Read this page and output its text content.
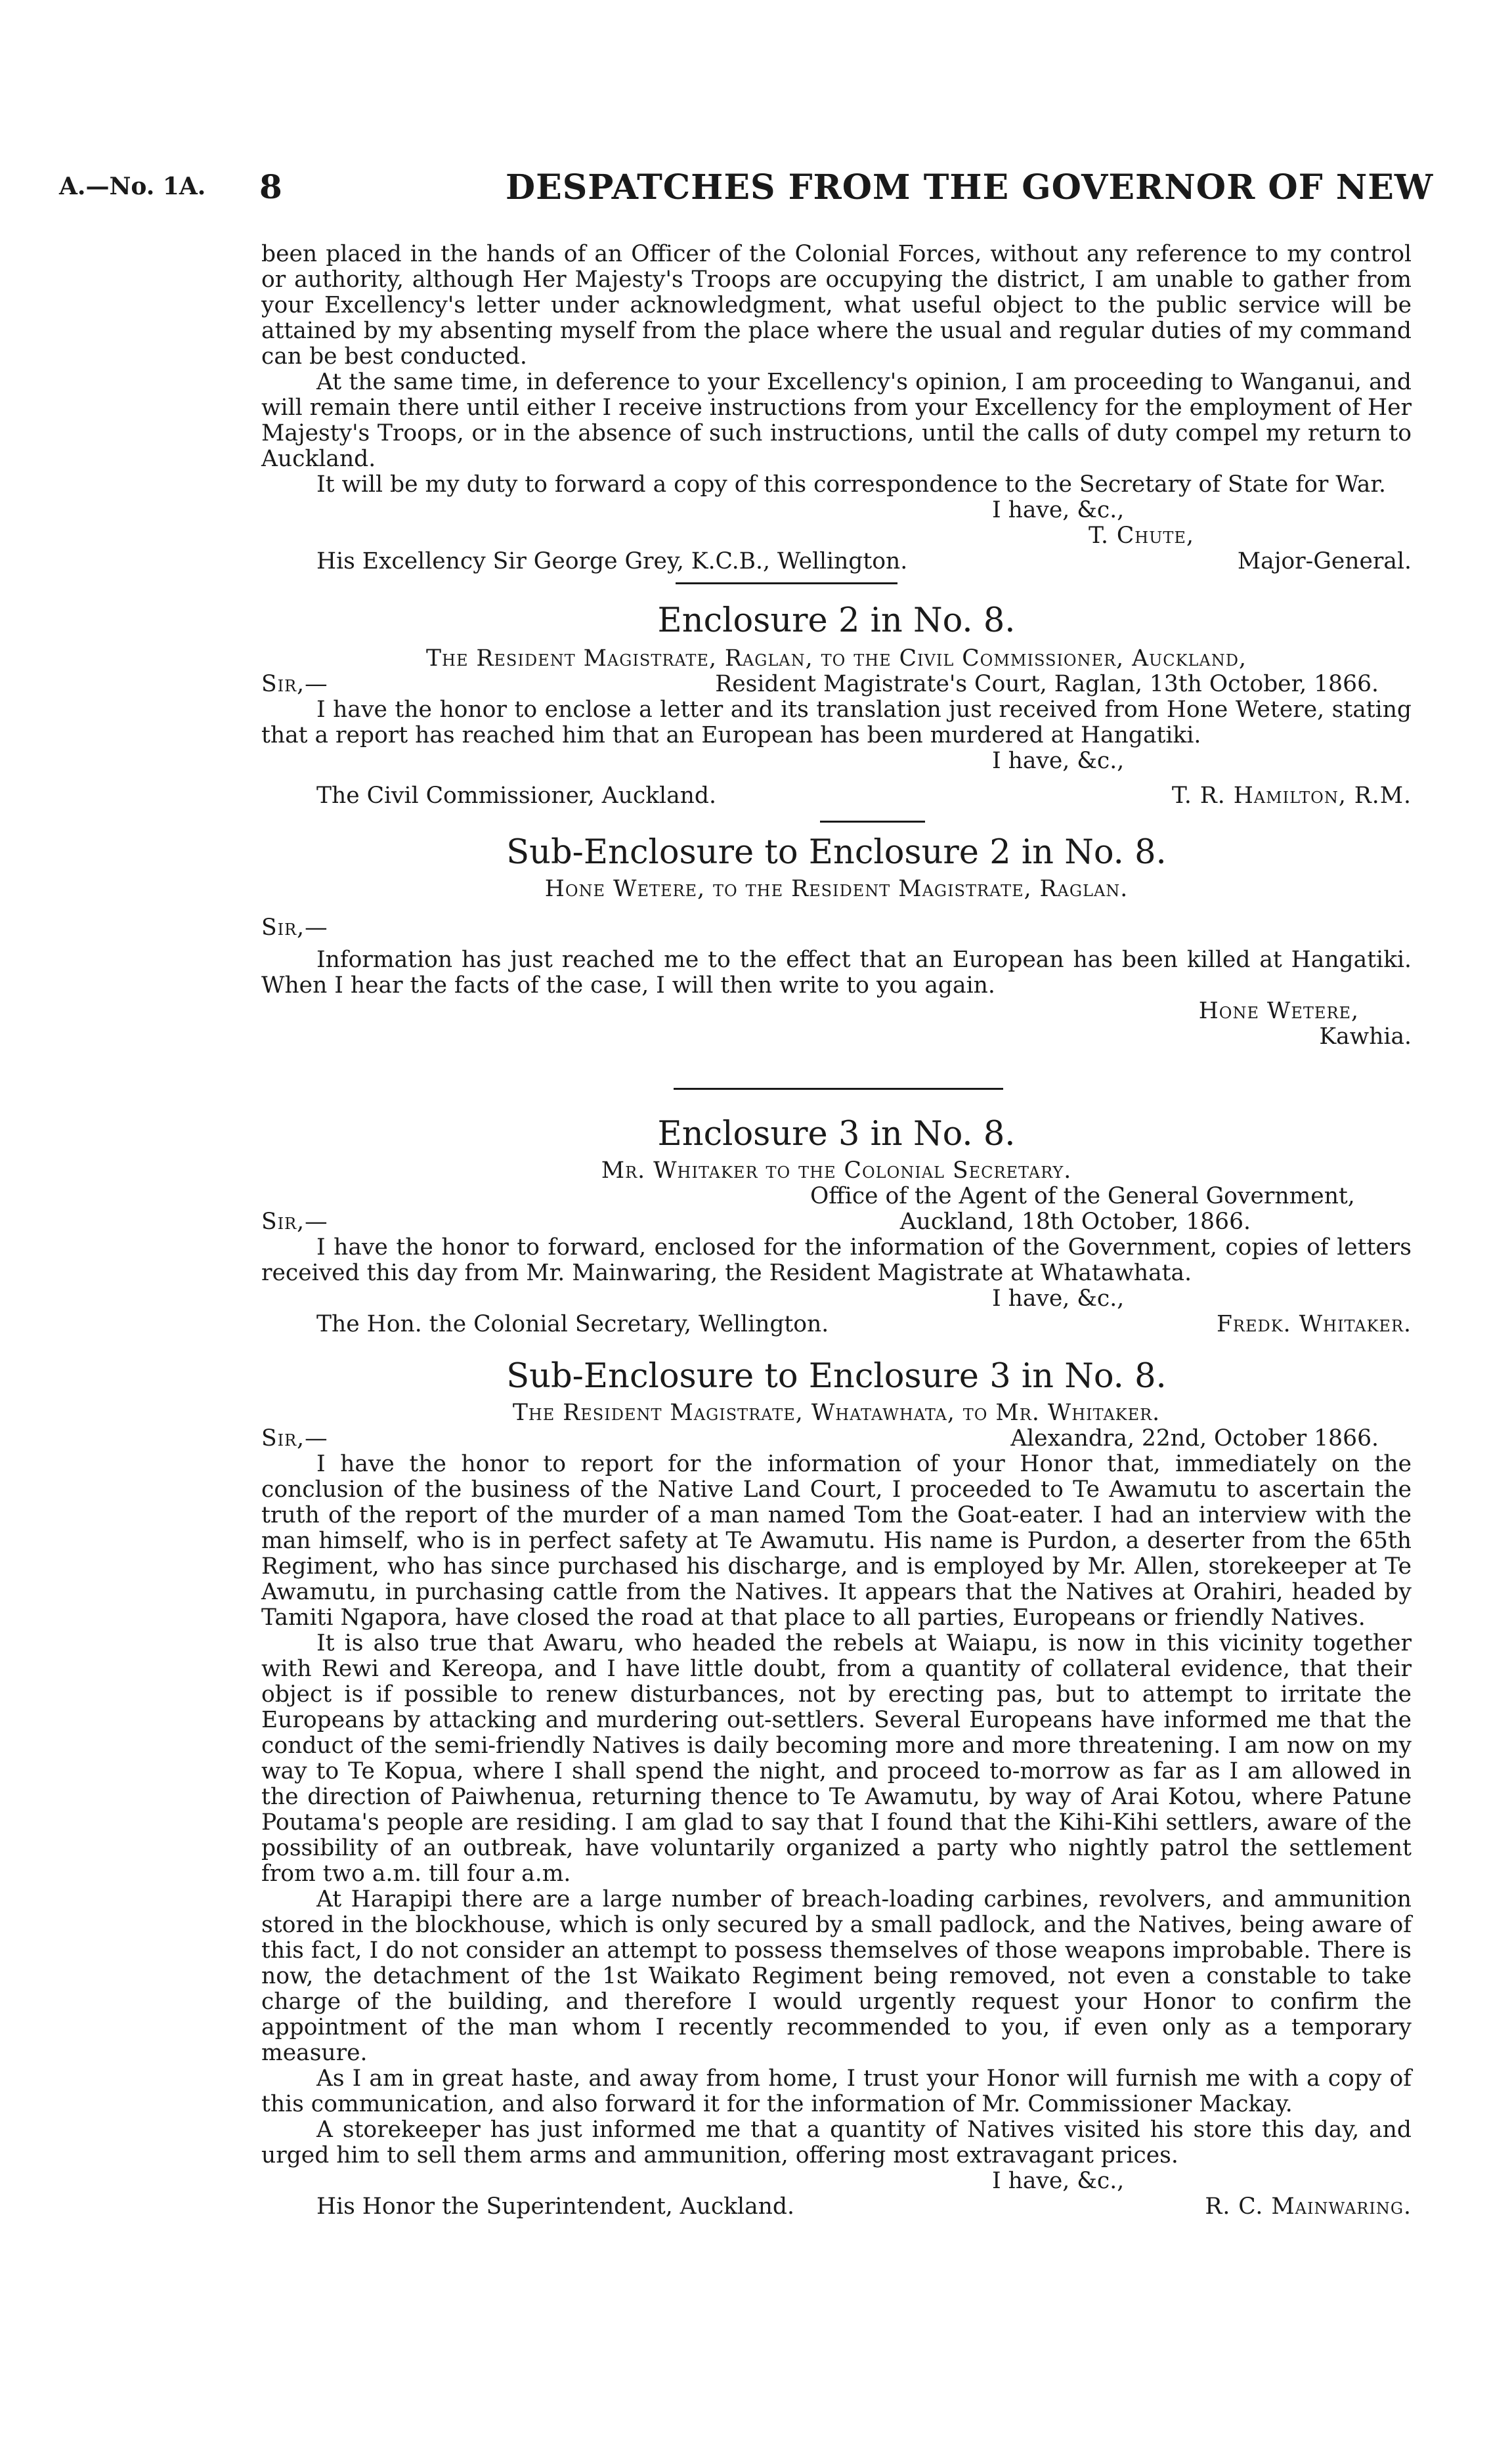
A.—No. 1A. 8	DESPATCHES FROM THE GOVERNOR OF NEW

been placed in the hands of an Officer of the Colonial Forces, without any reference to my control or authority, although Her Majesty's Troops are occupying the district, I am unable to gather from your Excellency's letter under acknowledgment, what useful object to the public service will be attained by my absenting myself from the place where the usual and regular duties of my command can be best conducted.

At the same time, in deference to your Excellency's opinion, I am proceeding to Wanganui, and will remain there until either I receive instructions from your Excellency for the employment of Her Majesty's Troops, or in the absence of such instructions, until the calls of duty compel my return to Auckland.

It will be my duty to forward a copy of this correspondence to the Secretary of State for War.

I have, &c.,
T. Chute,
His Excellency Sir George Grey, K.C.B., Wellington.	Major-General.
Enclosure 2 in No. 8.
The Resident Magistrate, Raglan, to the Civil Commissioner, Auckland,
Sir,—	Resident Magistrate's Court, Raglan, 13th October, 1866.

I have the honor to enclose a letter and its translation just received from Hone Wetere, stating that a report has reached him that an European has been murdered at Hangatiki.

I have, &c.,
The Civil Commissioner, Auckland.	T. R. Hamilton, R.M.
Sub-Enclosure to Enclosure 2 in No. 8.
Hone Wetere, to the Resident Magistrate, Raglan.
Sir,—

Information has just reached me to the effect that an European has been killed at Hangatiki. When I hear the facts of the case, I will then write to you again.

Hone Wetere,
Kawhia.
Enclosure 3 in No. 8.
Mr. Whitaker to the Colonial Secretary.
Office of the Agent of the General Government,
Sir,—	Auckland, 18th October, 1866.

I have the honor to forward, enclosed for the information of the Government, copies of letters received this day from Mr. Mainwaring, the Resident Magistrate at Whatawhata.

I have, &c.,
The Hon. the Colonial Secretary, Wellington.	Fredk. Whitaker.
Sub-Enclosure to Enclosure 3 in No. 8.
The Resident Magistrate, Whatawhata, to Mr. Whitaker.
Sir,—	Alexandra, 22nd, October 1866.

I have the honor to report for the information of your Honor that, immediately on the conclusion of the business of the Native Land Court, I proceeded to Te Awamutu to ascertain the truth of the report of the murder of a man named Tom the Goat-eater. I had an interview with the man himself, who is in perfect safety at Te Awamutu. His name is Purdon, a deserter from the 65th Regiment, who has since purchased his discharge, and is employed by Mr. Allen, storekeeper at Te Awamutu, in purchasing cattle from the Natives. It appears that the Natives at Orahiri, headed by Tamiti Ngapora, have closed the road at that place to all parties, Europeans or friendly Natives.

It is also true that Awaru, who headed the rebels at Waiapu, is now in this vicinity together with Rewi and Kereopa, and I have little doubt, from a quantity of collateral evidence, that their object is if possible to renew disturbances, not by erecting pas, but to attempt to irritate the Europeans by attacking and murdering out-settlers. Several Europeans have informed me that the conduct of the semi-friendly Natives is daily becoming more and more threatening. I am now on my way to Te Kopua, where I shall spend the night, and proceed to-morrow as far as I am allowed in the direction of Paiwhenua, returning thence to Te Awamutu, by way of Arai Kotou, where Patune Poutama's people are residing. I am glad to say that I found that the Kihi-Kihi settlers, aware of the possibility of an outbreak, have voluntarily organized a party who nightly patrol the settlement from two a.m. till four a.m.

At Harapipi there are a large number of breach-loading carbines, revolvers, and ammunition stored in the blockhouse, which is only secured by a small padlock, and the Natives, being aware of this fact, I do not consider an attempt to possess themselves of those weapons improbable. There is now, the detachment of the 1st Waikato Regiment being removed, not even a constable to take charge of the building, and therefore I would urgently request your Honor to confirm the appointment of the man whom I recently recommended to you, if even only as a temporary measure.

As I am in great haste, and away from home, I trust your Honor will furnish me with a copy of this communication, and also forward it for the information of Mr. Commissioner Mackay.

A storekeeper has just informed me that a quantity of Natives visited his store this day, and urged him to sell them arms and ammunition, offering most extravagant prices.

I have, &c.,
His Honor the Superintendent, Auckland.	R. C. Mainwaring.
